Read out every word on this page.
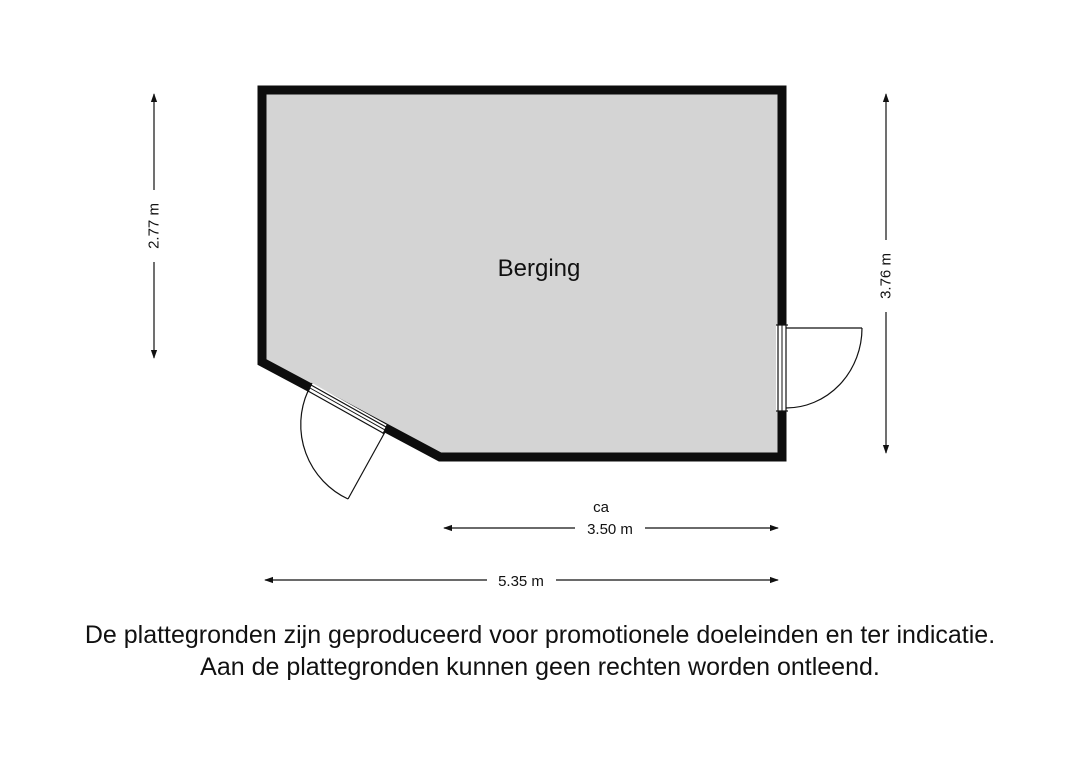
Berging
2.77 m
3.76 m
ca
3.50 m
5.35 m
De plattegronden zijn geproduceerd voor promotionele doeleinden en ter indicatie.
Aan de plattegronden kunnen geen rechten worden ontleend.
